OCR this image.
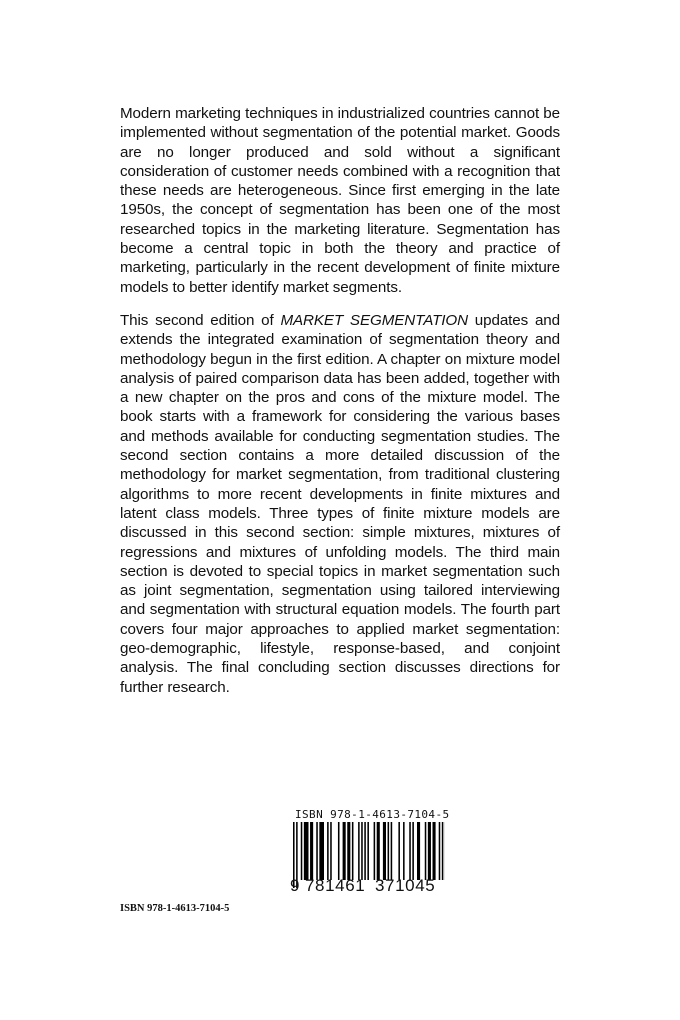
Modern marketing techniques in industrialized countries cannot be implemented without segmentation of the potential market. Goods are no longer produced and sold without a significant consideration of customer needs combined with a recognition that these needs are heterogeneous. Since first emerging in the late 1950s, the concept of segmentation has been one of the most researched topics in the marketing literature. Segmentation has become a central topic in both the theory and practice of marketing, particularly in the recent development of finite mixture models to better identify market segments.
This second edition of MARKET SEGMENTATION updates and extends the integrated examination of segmentation theory and methodology begun in the first edition. A chapter on mixture model analysis of paired comparison data has been added, together with a new chapter on the pros and cons of the mixture model. The book starts with a framework for considering the various bases and methods available for conducting segmentation studies. The second section contains a more detailed discussion of the methodology for market segmentation, from traditional clustering algorithms to more recent developments in finite mixtures and latent class models. Three types of finite mixture models are discussed in this second section: simple mixtures, mixtures of regressions and mixtures of unfolding models. The third main section is devoted to special topics in market segmentation such as joint segmentation, segmentation using tailored interviewing and segmentation with structural equation models. The fourth part covers four major approaches to applied market segmentation: geo-demographic, lifestyle, response-based, and conjoint analysis. The final concluding section discusses directions for further research.
ISBN 978-1-4613-7104-5
9 781461 371045
ISBN 978-1-4613-7104-5
